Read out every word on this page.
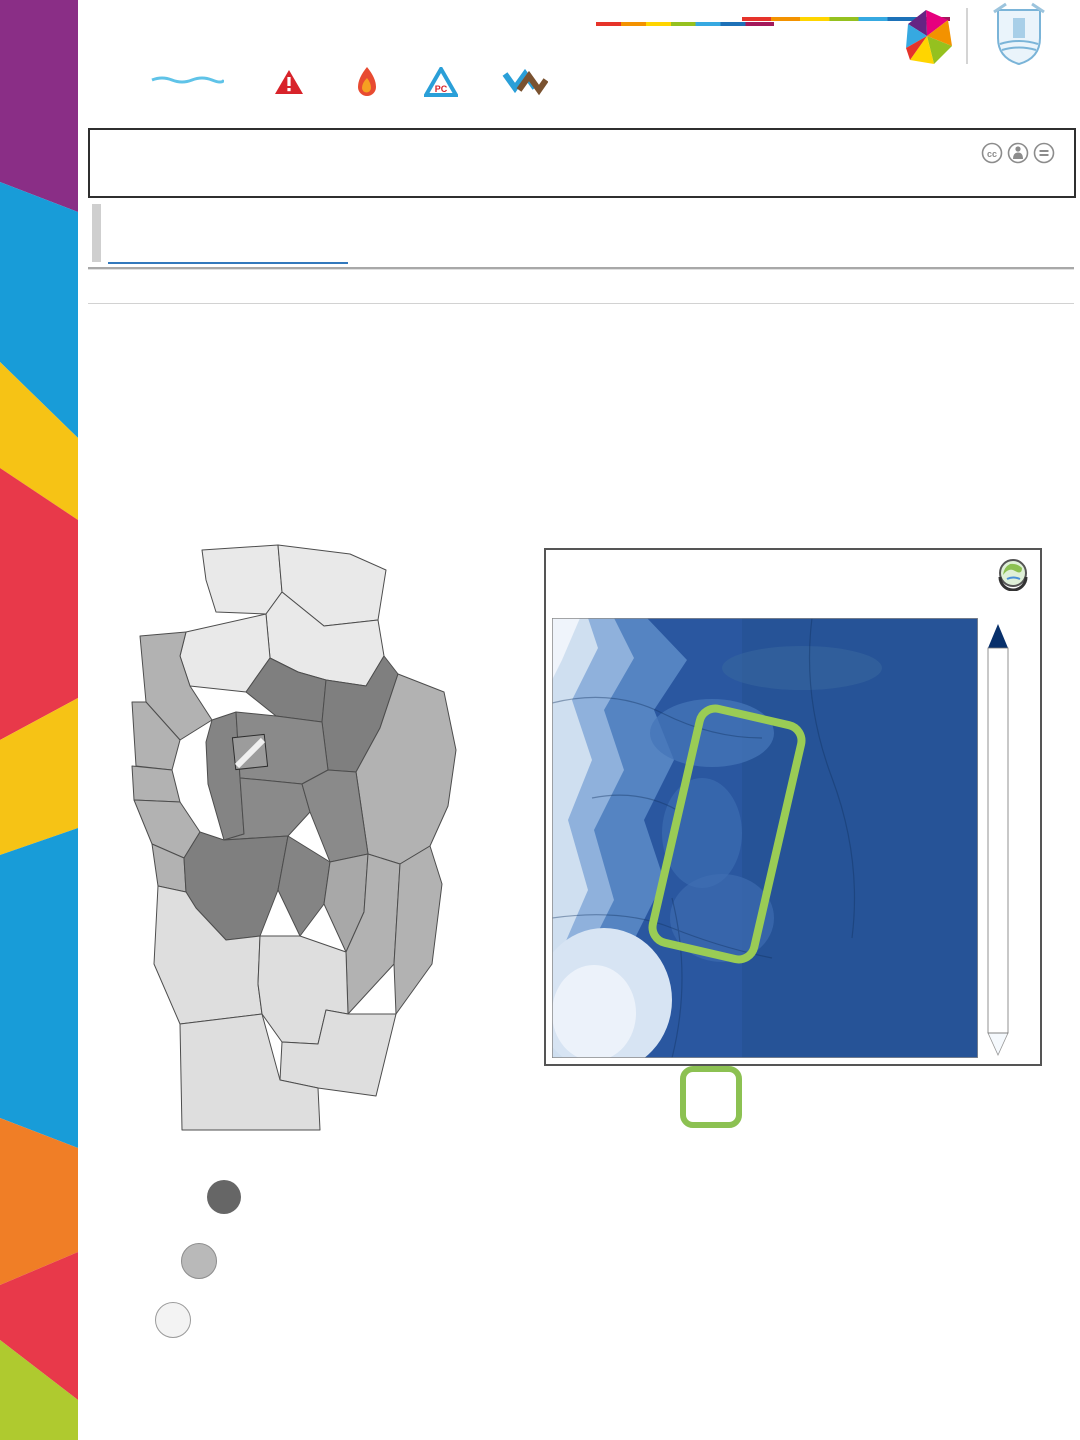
PC
cc
